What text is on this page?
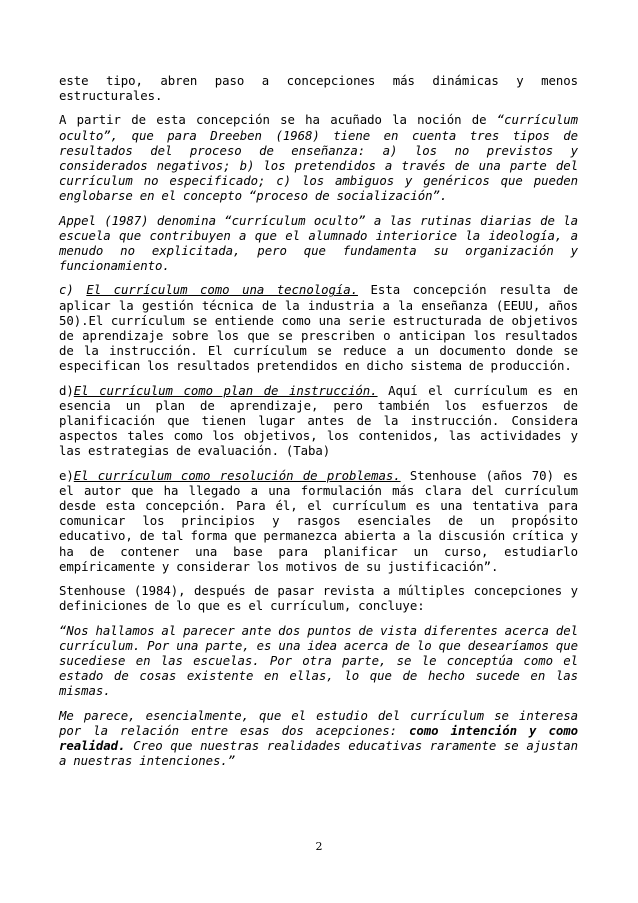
este tipo, abren paso a concepciones más dinámicas y menos estructurales.

A partir de esta concepción se ha acuñado la noción de “currículum oculto”, que para Dreeben (1968) tiene en cuenta tres tipos de resultados del proceso de enseñanza: a) los no previstos y considerados negativos; b) los pretendidos a través de una parte del currículum no especificado; c) los ambiguos y genéricos que pueden englobarse en el concepto “proceso de socialización”.

Appel (1987) denomina “currículum oculto” a las rutinas diarias de la escuela que contribuyen a que el alumnado interiorice la ideología, a menudo no explicitada, pero que fundamenta su organización y funcionamiento.

c) El currículum como una tecnología. Esta concepción resulta de aplicar la gestión técnica de la industria a la enseñanza (EEUU, años 50).El currículum se entiende como una serie estructurada de objetivos de aprendizaje sobre los que se prescriben o anticipan los resultados de la instrucción. El currículum se reduce a un documento donde se especifican los resultados pretendidos en dicho sistema de producción.

d)El currículum como plan de instrucción. Aquí el currículum es en esencia un plan de aprendizaje, pero también los esfuerzos de planificación que tienen lugar antes de la instrucción. Considera aspectos tales como los objetivos, los contenidos, las actividades y las estrategias de evaluación. (Taba)

e)El currículum como resolución de problemas. Stenhouse (años 70) es el autor que ha llegado a una formulación más clara del currículum desde esta concepción. Para él, el currículum es una tentativa para comunicar los principios y rasgos esenciales de un propósito educativo, de tal forma que permanezca abierta a la discusión crítica y ha de contener una base para planificar un curso, estudiarlo empíricamente y considerar los motivos de su justificación”.

Stenhouse (1984), después de pasar revista a múltiples concepciones y definiciones de lo que es el currículum, concluye:

“Nos hallamos al parecer ante dos puntos de vista diferentes acerca del currículum. Por una parte, es una idea acerca de lo que desearíamos que sucediese en las escuelas. Por otra parte, se le conceptúa como el estado de cosas existente en ellas, lo que de hecho sucede en las mismas.

Me parece, esencialmente, que el estudio del currículum se interesa por la relación entre esas dos acepciones: como intención y como realidad. Creo que nuestras realidades educativas raramente se ajustan a nuestras intenciones.”

2
